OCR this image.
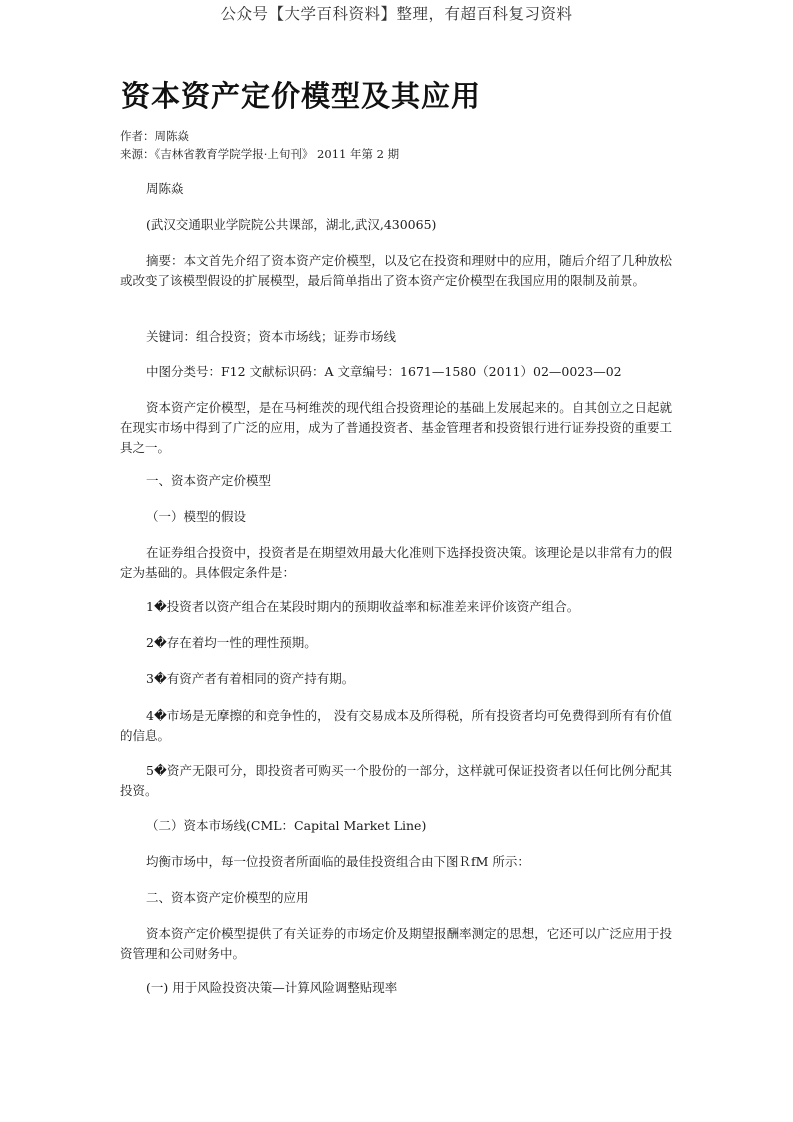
公众号【大学百科资料】整理，有超百科复习资料
资本资产定价模型及其应用
作者：周陈焱
来源：《吉林省教育学院学报·上旬刊》 2011 年第 2 期

周陈焱

(武汉交通职业学院院公共课部，湖北,武汉,430065)

摘要：本文首先介绍了资本资产定价模型，以及它在投资和理财中的应用，随后介绍了几种放松或改变了该模型假设的扩展模型，最后简单指出了资本资产定价模型在我国应用的限制及前景。

关键词：组合投资；资本市场线；证券市场线

中图分类号：F12 文献标识码：A 文章编号：1671—1580（2011）02—0023—02

资本资产定价模型，是在马柯维茨的现代组合投资理论的基础上发展起来的。自其创立之日起就在现实市场中得到了广泛的应用，成为了普通投资者、基金管理者和投资银行进行证券投资的重要工具之一。

一、资本资产定价模型

（一）模型的假设

在证券组合投资中，投资者是在期望效用最大化准则下选择投资决策。该理论是以非常有力的假定为基础的。具体假定条件是：

1�投资者以资产组合在某段时期内的预期收益率和标准差来评价该资产组合。

2�存在着均一性的理性预期。

3�有资产者有着相同的资产持有期。

4�市场是无摩擦的和竞争性的， 没有交易成本及所得税，所有投资者均可免费得到所有有价值的信息。

5�资产无限可分，即投资者可购买一个股份的一部分，这样就可保证投资者以任何比例分配其投资。

（二）资本市场线(CML：Capital Market Line)

均衡市场中，每一位投资者所面临的最佳投资组合由下图ＲfM 所示：

二、资本资产定价模型的应用

资本资产定价模型提供了有关证券的市场定价及期望报酬率测定的思想，它还可以广泛应用于投资管理和公司财务中。

(一) 用于风险投资决策—计算风险调整贴现率
